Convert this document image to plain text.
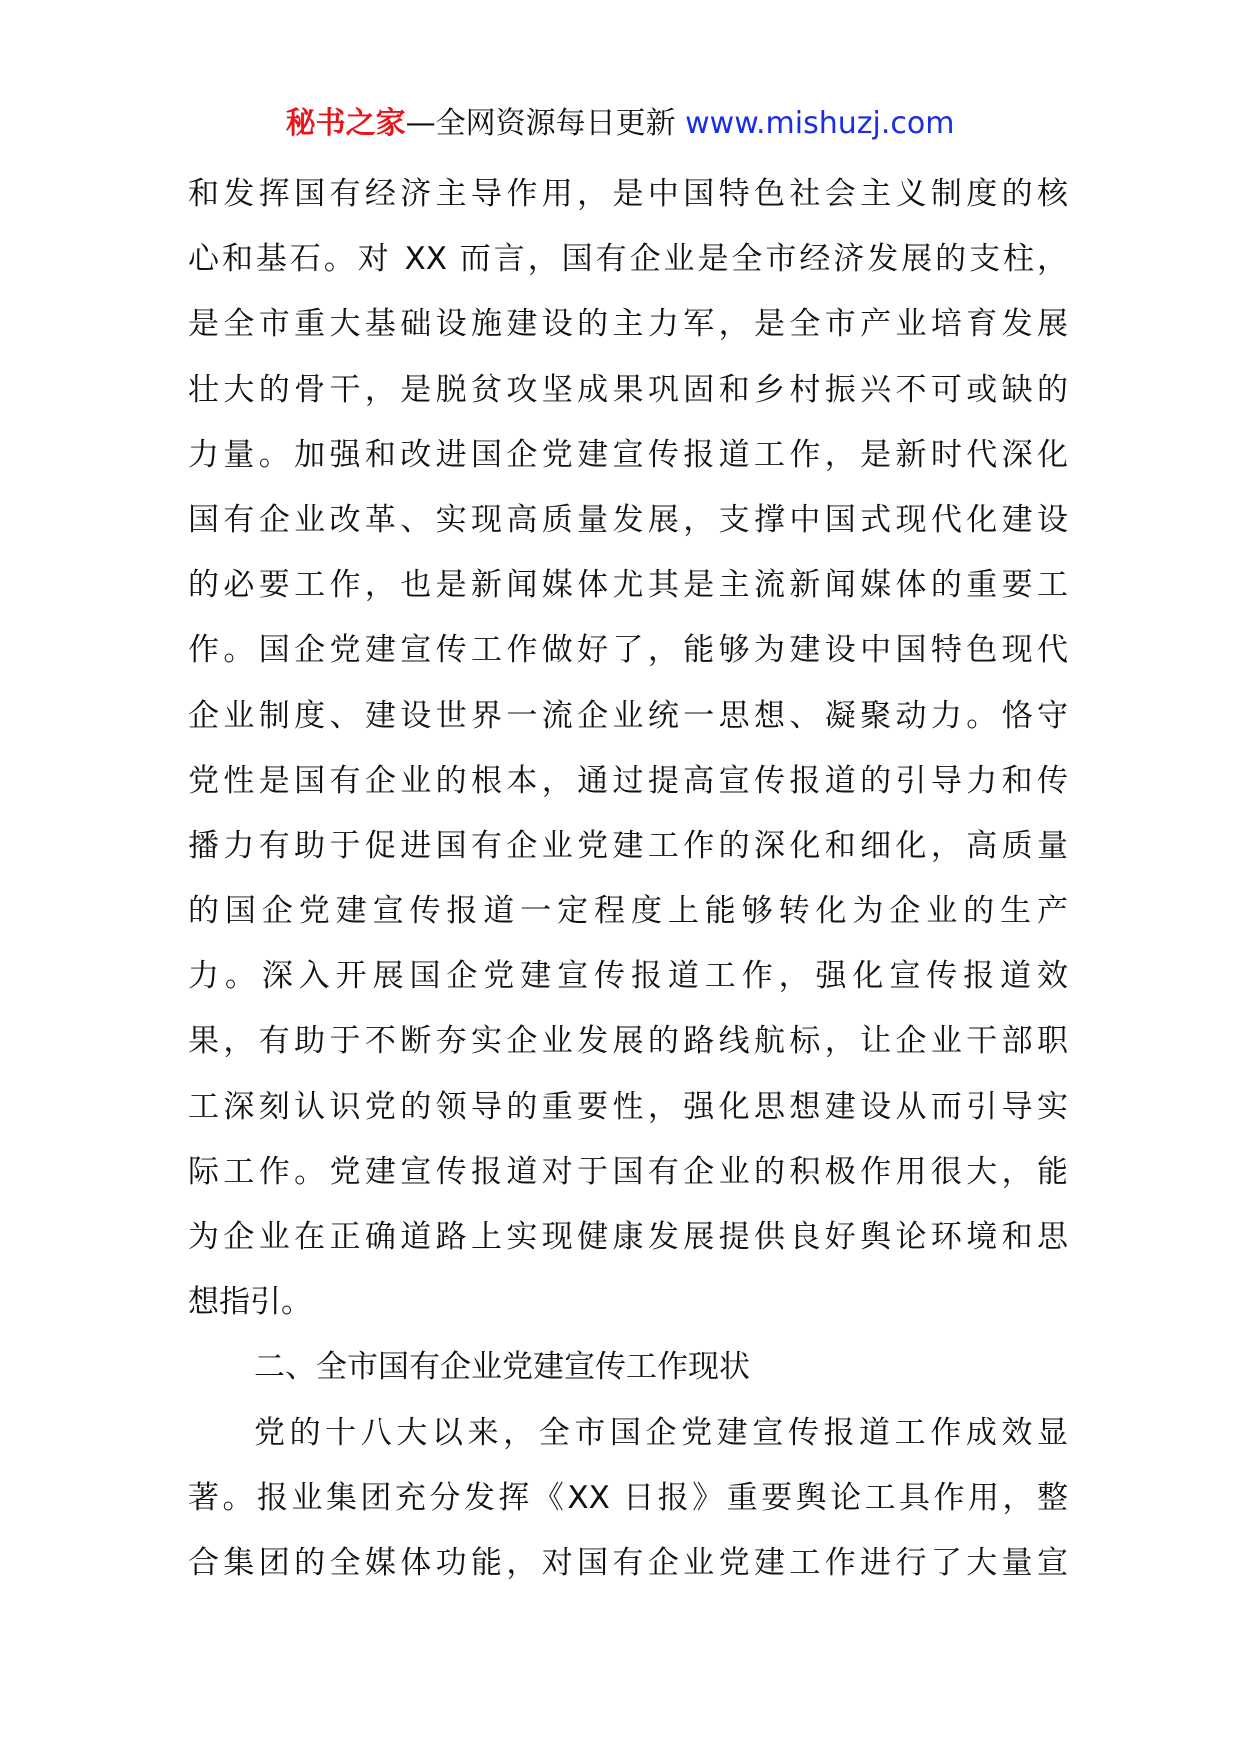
秘书之家—全网资源每日更新 www.mishuzj.com
和发挥国有经济主导作用，是中国特色社会主义制度的核
心和基石。对 XX 而言，国有企业是全市经济发展的支柱，
是全市重大基础设施建设的主力军，是全市产业培育发展
壮大的骨干，是脱贫攻坚成果巩固和乡村振兴不可或缺的
力量。加强和改进国企党建宣传报道工作，是新时代深化
国有企业改革、实现高质量发展，支撑中国式现代化建设
的必要工作，也是新闻媒体尤其是主流新闻媒体的重要工
作。国企党建宣传工作做好了，能够为建设中国特色现代
企业制度、建设世界一流企业统一思想、凝聚动力。恪守
党性是国有企业的根本，通过提高宣传报道的引导力和传
播力有助于促进国有企业党建工作的深化和细化，高质量
的国企党建宣传报道一定程度上能够转化为企业的生产
力。深入开展国企党建宣传报道工作，强化宣传报道效
果，有助于不断夯实企业发展的路线航标，让企业干部职
工深刻认识党的领导的重要性，强化思想建设从而引导实
际工作。党建宣传报道对于国有企业的积极作用很大，能
为企业在正确道路上实现健康发展提供良好舆论环境和思
想指引。
二、全市国有企业党建宣传工作现状
党的十八大以来，全市国企党建宣传报道工作成效显
著。报业集团充分发挥《XX 日报》重要舆论工具作用，整
合集团的全媒体功能，对国有企业党建工作进行了大量宣
